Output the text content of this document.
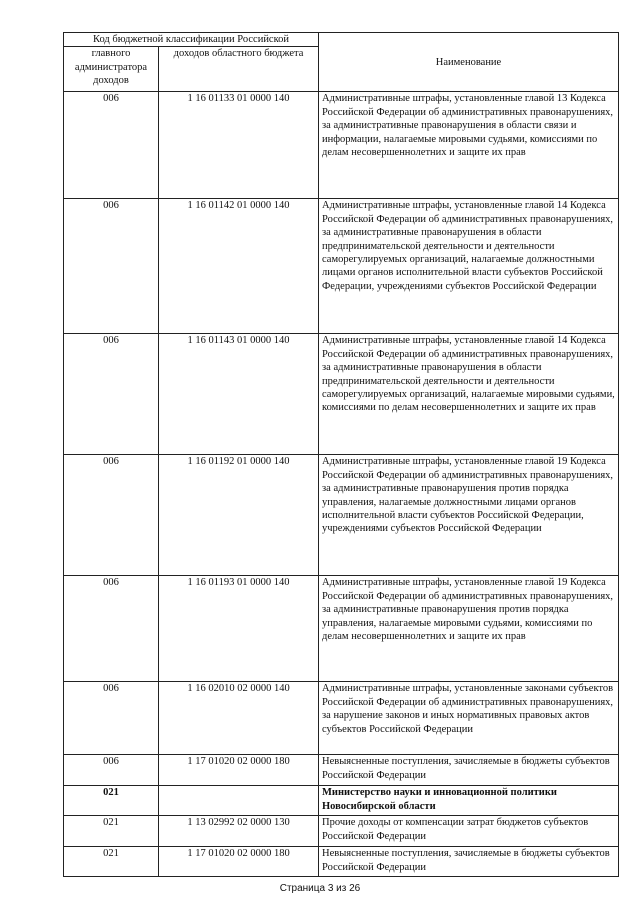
Код бюджетной классификации Российской		Наименование
главного администратора доходов	доходов областного бюджета	
006	1 16 01133 01 0000 140	Административные штрафы, установленные главой 13 Кодекса Российской Федерации об административных правонарушениях, за административные правонарушения в области связи и информации, налагаемые мировыми судьями, комиссиями по делам несовершеннолетних и защите их прав
006	1 16 01142 01 0000 140	Административные штрафы, установленные главой 14 Кодекса Российской Федерации об административных правонарушениях, за административные правонарушения в области предпринимательской деятельности и деятельности саморегулируемых организаций, налагаемые должностными лицами органов исполнительной власти субъектов Российской Федерации, учреждениями субъектов Российской Федерации
006	1 16 01143 01 0000 140	Административные штрафы, установленные главой 14 Кодекса Российской Федерации об административных правонарушениях, за административные правонарушения в области предпринимательской деятельности и деятельности саморегулируемых организаций, налагаемые мировыми судьями, комиссиями по делам несовершеннолетних и защите их прав
006	1 16 01192 01 0000 140	Административные штрафы, установленные главой 19 Кодекса Российской Федерации об административных правонарушениях, за административные правонарушения против порядка управления, налагаемые должностными лицами органов исполнительной власти субъектов Российской Федерации, учреждениями субъектов Российской Федерации
006	1 16 01193 01 0000 140	Административные штрафы, установленные главой 19 Кодекса Российской Федерации об административных правонарушениях, за административные правонарушения против порядка управления, налагаемые мировыми судьями, комиссиями по делам несовершеннолетних и защите их прав
006	1 16 02010 02 0000 140	Административные штрафы, установленные законами субъектов Российской Федерации об административных правонарушениях, за нарушение законов и иных нормативных правовых актов субъектов Российской Федерации
006	1 17 01020 02 0000 180	Невыясненные поступления, зачисляемые в бюджеты субъектов Российской Федерации
021		Министерство науки и инновационной политики Новосибирской области
021	1 13 02992 02 0000 130	Прочие доходы от компенсации затрат бюджетов субъектов Российской Федерации
021	1 17 01020 02 0000 180	Невыясненные поступления, зачисляемые в бюджеты субъектов Российской Федерации
Страница 3 из 26
